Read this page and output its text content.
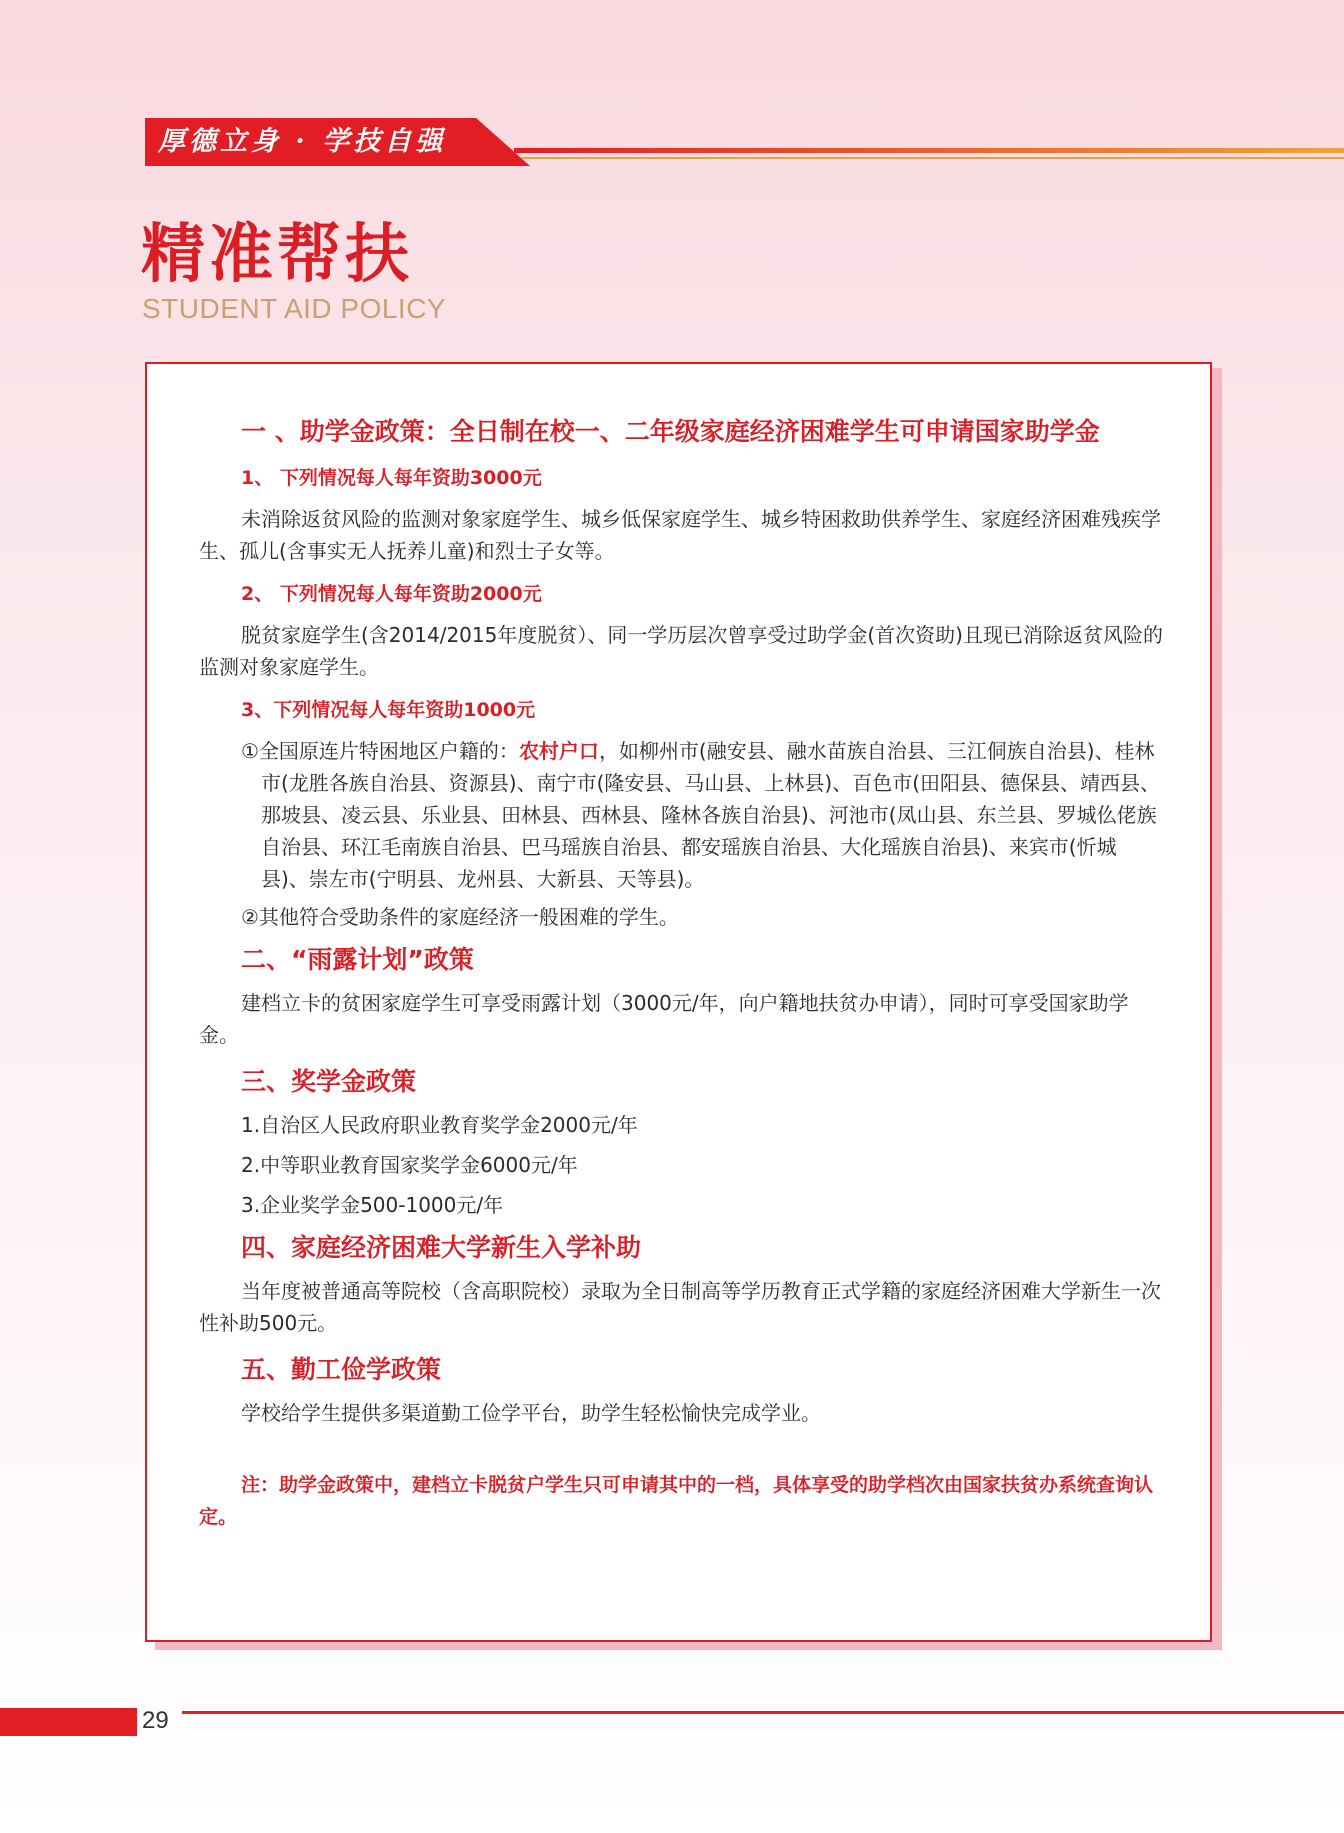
厚德立身 · 学技自强
精准帮扶
STUDENT AID POLICY
一 、助学金政策：全日制在校一、二年级家庭经济困难学生可申请国家助学金
1、 下列情况每人每年资助3000元
未消除返贫风险的监测对象家庭学生、城乡低保家庭学生、城乡特困救助供养学生、家庭经济困难残疾学生、孤儿(含事实无人抚养儿童)和烈士子女等。
2、 下列情况每人每年资助2000元
脱贫家庭学生(含2014/2015年度脱贫）、同一学历层次曾享受过助学金(首次资助)且现已消除返贫风险的监测对象家庭学生。
3、下列情况每人每年资助1000元
①全国原连片特困地区户籍的：农村户口，如柳州市(融安县、融水苗族自治县、三江侗族自治县)、桂林市(龙胜各族自治县、资源县)、南宁市(隆安县、马山县、上林县)、百色市(田阳县、德保县、靖西县、那坡县、凌云县、乐业县、田林县、西林县、隆林各族自治县)、河池市(凤山县、东兰县、罗城仫佬族自治县、环江毛南族自治县、巴马瑶族自治县、都安瑶族自治县、大化瑶族自治县)、来宾市(忻城县)、崇左市(宁明县、龙州县、大新县、天等县)。
②其他符合受助条件的家庭经济一般困难的学生。
二、“雨露计划”政策
建档立卡的贫困家庭学生可享受雨露计划（3000元/年，向户籍地扶贫办申请），同时可享受国家助学金。
三、奖学金政策
1.自治区人民政府职业教育奖学金2000元/年
2.中等职业教育国家奖学金6000元/年
3.企业奖学金500-1000元/年
四、家庭经济困难大学新生入学补助
当年度被普通高等院校（含高职院校）录取为全日制高等学历教育正式学籍的家庭经济困难大学新生一次性补助500元。
五、勤工俭学政策
学校给学生提供多渠道勤工俭学平台，助学生轻松愉快完成学业。
注：助学金政策中，建档立卡脱贫户学生只可申请其中的一档，具体享受的助学档次由国家扶贫办系统查询认定。
29
